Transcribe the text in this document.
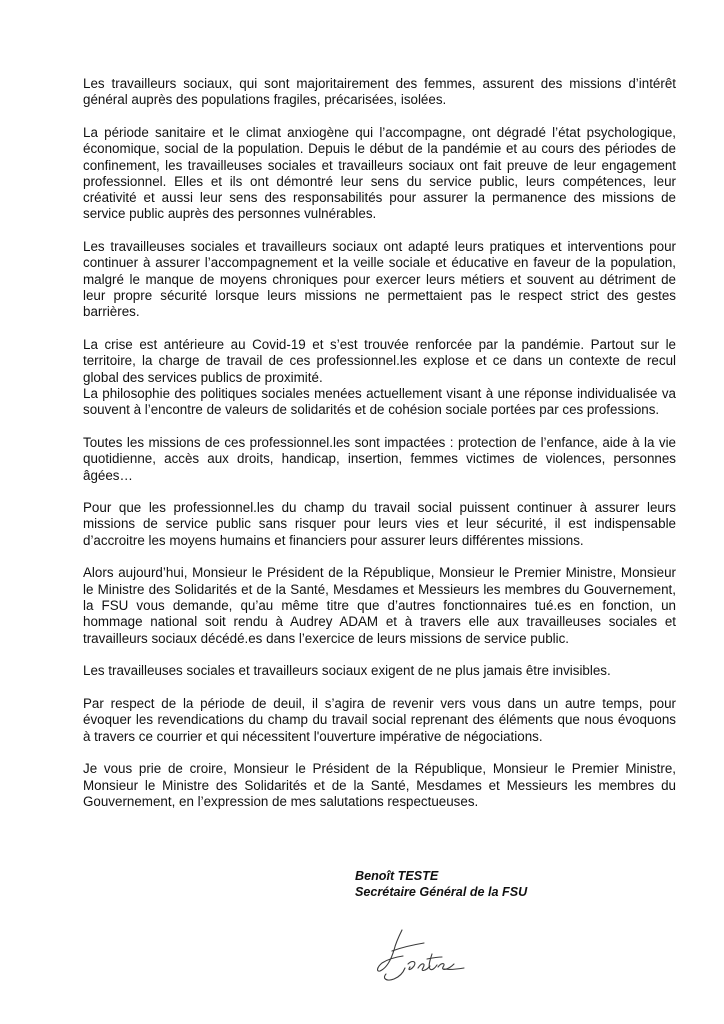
Les travailleurs sociaux, qui sont majoritairement des femmes, assurent des missions d’intérêt général auprès des populations fragiles, précarisées, isolées.

La période sanitaire et le climat anxiogène qui l’accompagne, ont dégradé l’état psychologique, économique, social de la population. Depuis le début de la pandémie et au cours des périodes de confinement, les travailleuses sociales et travailleurs sociaux ont fait preuve de leur engagement professionnel. Elles et ils ont démontré leur sens du service public, leurs compétences, leur créativité et aussi leur sens des responsabilités pour assurer la permanence des missions de service public auprès des personnes vulnérables.

Les travailleuses sociales et travailleurs sociaux ont adapté leurs pratiques et interventions pour continuer à assurer l’accompagnement et la veille sociale et éducative en faveur de la population, malgré le manque de moyens chroniques pour exercer leurs métiers et souvent au détriment de leur propre sécurité lorsque leurs missions ne permettaient pas le respect strict des gestes barrières.

La crise est antérieure au Covid-19 et s’est trouvée renforcée par la pandémie. Partout sur le territoire, la charge de travail de ces professionnel.les explose et ce dans un contexte de recul global des services publics de proximité.

La philosophie des politiques sociales menées actuellement visant à une réponse individualisée va souvent à l’encontre de valeurs de solidarités et de cohésion sociale portées par ces professions.

Toutes les missions de ces professionnel.les sont impactées : protection de l’enfance, aide à la vie quotidienne, accès aux droits, handicap, insertion, femmes victimes de violences, personnes âgées…

Pour que les professionnel.les du champ du travail social puissent continuer à assurer leurs missions de service public sans risquer pour leurs vies et leur sécurité, il est indispensable d’accroitre les moyens humains et financiers pour assurer leurs différentes missions.

Alors aujourd’hui, Monsieur le Président de la République, Monsieur le Premier Ministre, Monsieur le Ministre des Solidarités et de la Santé, Mesdames et Messieurs les membres du Gouvernement, la FSU vous demande, qu’au même titre que d’autres fonctionnaires tué.es en fonction, un hommage national soit rendu à Audrey ADAM et à travers elle aux travailleuses sociales et travailleurs sociaux décédé.es dans l’exercice de leurs missions de service public.

Les travailleuses sociales et travailleurs sociaux exigent de ne plus jamais être invisibles.

Par respect de la période de deuil, il s’agira de revenir vers vous dans un autre temps, pour évoquer les revendications du champ du travail social reprenant des éléments que nous évoquons à travers ce courrier et qui nécessitent l'ouverture impérative de négociations.

Je vous prie de croire, Monsieur le Président de la République, Monsieur le Premier Ministre, Monsieur le Ministre des Solidarités et de la Santé, Mesdames et Messieurs les membres du Gouvernement, en l’expression de mes salutations respectueuses.

Benoît TESTE
Secrétaire Général de la FSU
